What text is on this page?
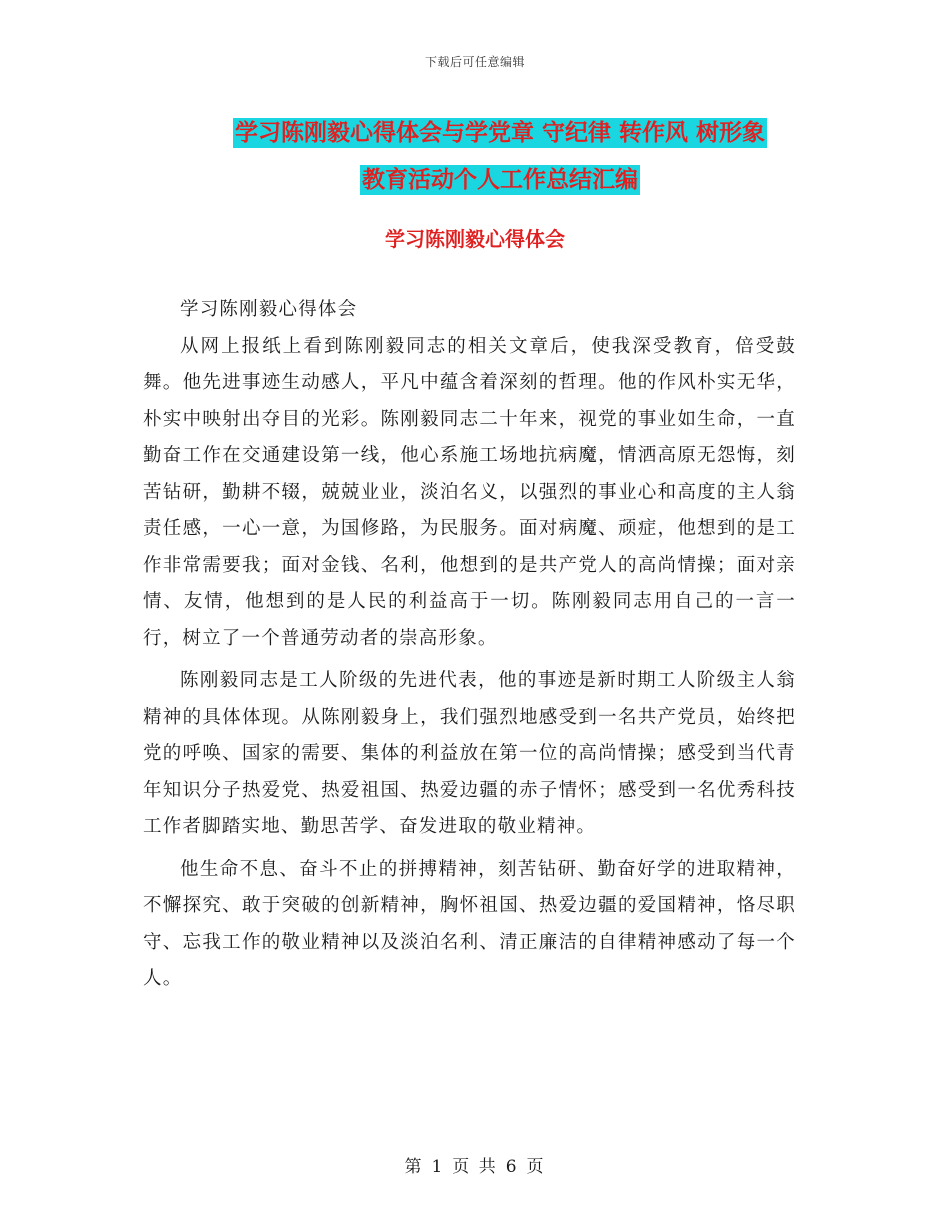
下载后可任意编辑
学习陈刚毅心得体会与学党章 守纪律 转作风 树形象
教育活动个人工作总结汇编
学习陈刚毅心得体会

学习陈刚毅心得体会

从网上报纸上看到陈刚毅同志的相关文章后，使我深受教育，倍受鼓舞。他先进事迹生动感人，平凡中蕴含着深刻的哲理。他的作风朴实无华，朴实中映射出夺目的光彩。陈刚毅同志二十年来，视党的事业如生命，一直勤奋工作在交通建设第一线，他心系施工场地抗病魔，情洒高原无怨悔，刻苦钻研，勤耕不辍，兢兢业业，淡泊名义，以强烈的事业心和高度的主人翁责任感，一心一意，为国修路，为民服务。面对病魔、顽症，他想到的是工作非常需要我；面对金钱、名利，他想到的是共产党人的高尚情操；面对亲情、友情，他想到的是人民的利益高于一切。陈刚毅同志用自己的一言一行，树立了一个普通劳动者的崇高形象。

陈刚毅同志是工人阶级的先进代表，他的事迹是新时期工人阶级主人翁精神的具体体现。从陈刚毅身上，我们强烈地感受到一名共产党员，始终把党的呼唤、国家的需要、集体的利益放在第一位的高尚情操；感受到当代青年知识分子热爱党、热爱祖国、热爱边疆的赤子情怀；感受到一名优秀科技工作者脚踏实地、勤思苦学、奋发进取的敬业精神。

他生命不息、奋斗不止的拼搏精神，刻苦钻研、勤奋好学的进取精神，不懈探究、敢于突破的创新精神，胸怀祖国、热爱边疆的爱国精神，恪尽职守、忘我工作的敬业精神以及淡泊名利、清正廉洁的自律精神感动了每一个人。

第 1 页 共 6 页
